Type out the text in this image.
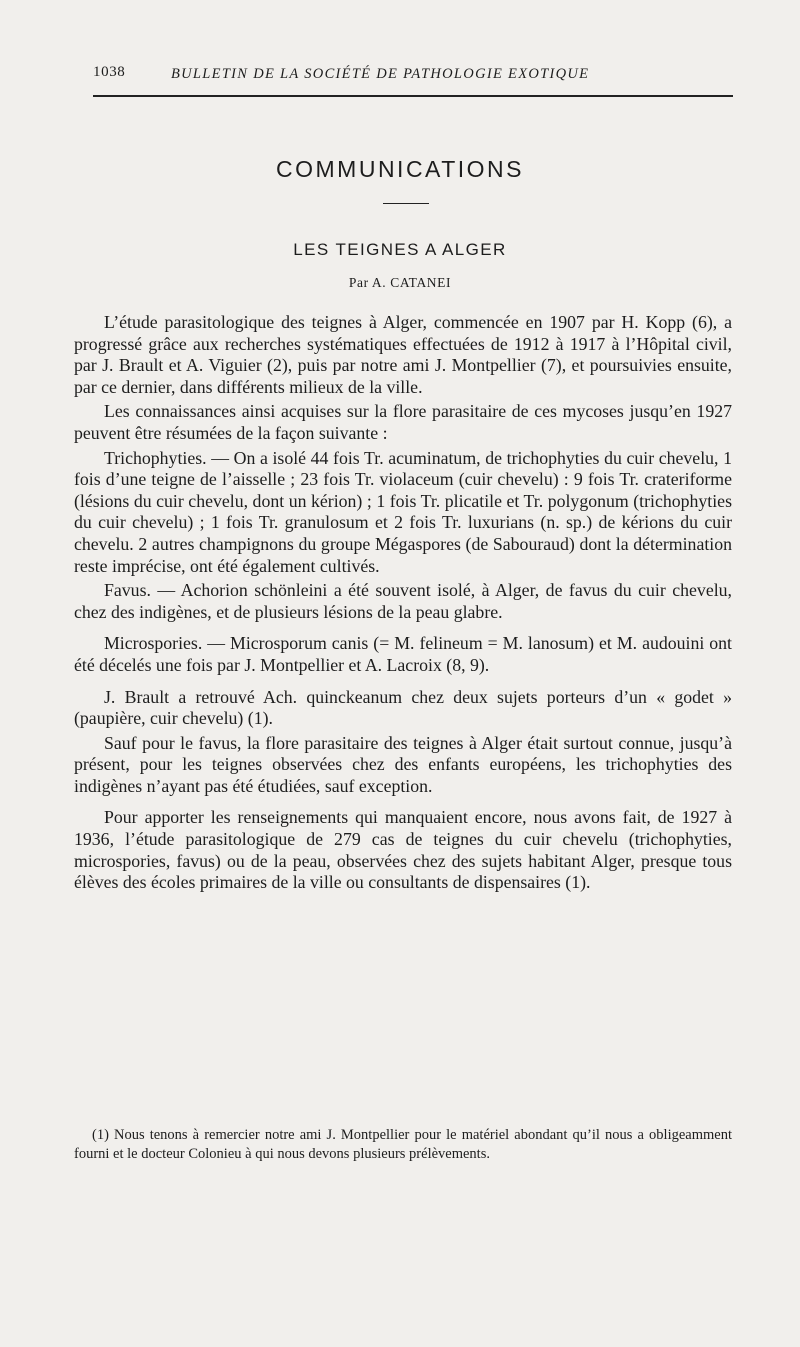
1038	BULLETIN DE LA SOCIÉTÉ DE PATHOLOGIE EXOTIQUE
COMMUNICATIONS
LES TEIGNES A ALGER
Par A. CATANEI

L’étude parasitologique des teignes à Alger, commencée en 1907 par H. Kopp (6), a progressé grâce aux recherches systématiques effectuées de 1912 à 1917 à l’Hôpital civil, par J. Brault et A. Viguier (2), puis par notre ami J. Montpellier (7), et poursuivies ensuite, par ce dernier, dans différents milieux de la ville.

Les connaissances ainsi acquises sur la flore parasitaire de ces mycoses jusqu’en 1927 peuvent être résumées de la façon suivante :

Trichophyties. — On a isolé 44 fois Tr. acuminatum, de trichophyties du cuir chevelu, 1 fois d’une teigne de l’aisselle ; 23 fois Tr. violaceum (cuir chevelu) : 9 fois Tr. crateriforme (lésions du cuir chevelu, dont un kérion) ; 1 fois Tr. plicatile et Tr. polygonum (trichophyties du cuir chevelu) ; 1 fois Tr. granulosum et 2 fois Tr. luxurians (n. sp.) de kérions du cuir chevelu. 2 autres champignons du groupe Mégaspores (de Sabouraud) dont la détermination reste imprécise, ont été également cultivés.

Favus. — Achorion schönleini a été souvent isolé, à Alger, de favus du cuir chevelu, chez des indigènes, et de plusieurs lésions de la peau glabre.

Microspories. — Microsporum canis (= M. felineum = M. lanosum) et M. audouini ont été décelés une fois par J. Montpellier et A. Lacroix (8, 9).

J. Brault a retrouvé Ach. quinckeanum chez deux sujets porteurs d’un « godet » (paupière, cuir chevelu) (1).

Sauf pour le favus, la flore parasitaire des teignes à Alger était surtout connue, jusqu’à présent, pour les teignes observées chez des enfants européens, les trichophyties des indigènes n’ayant pas été étudiées, sauf exception.

Pour apporter les renseignements qui manquaient encore, nous avons fait, de 1927 à 1936, l’étude parasitologique de 279 cas de teignes du cuir chevelu (trichophyties, microspories, favus) ou de la peau, observées chez des sujets habitant Alger, presque tous élèves des écoles primaires de la ville ou consultants de dispensaires (1).

(1) Nous tenons à remercier notre ami J. Montpellier pour le matériel abondant qu’il nous a obligeamment fourni et le docteur Colonieu à qui nous devons plusieurs prélèvements.
